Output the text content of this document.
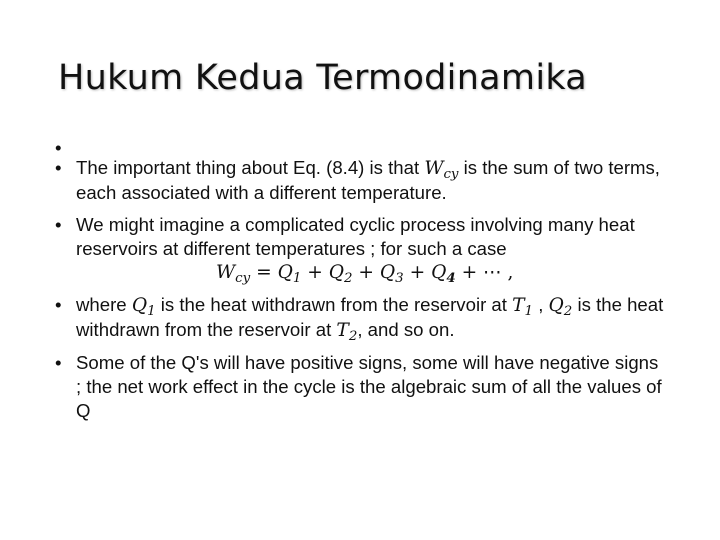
Hukum Kedua Termodinamika
•
• The important thing about Eq. (8.4) is that $W_{cy}$ is the sum of two terms, each associated with a different temperature.
• We might imagine a complicated cyclic process involving many heat reservoirs at different temperatures ; for such a case
$W_{cy} = Q_1 + Q_2 + Q_3 + Q_4$ + ⋯ ,
• where $Q_1$ is the heat withdrawn from the reservoir at $T_1$ , $Q_2$ is the heat withdrawn from the reservoir at $T_2$, and so on.
• Some of the Q's will have positive signs, some will have negative signs ; the net work effect in the cycle is the algebraic sum of all the values of Q
